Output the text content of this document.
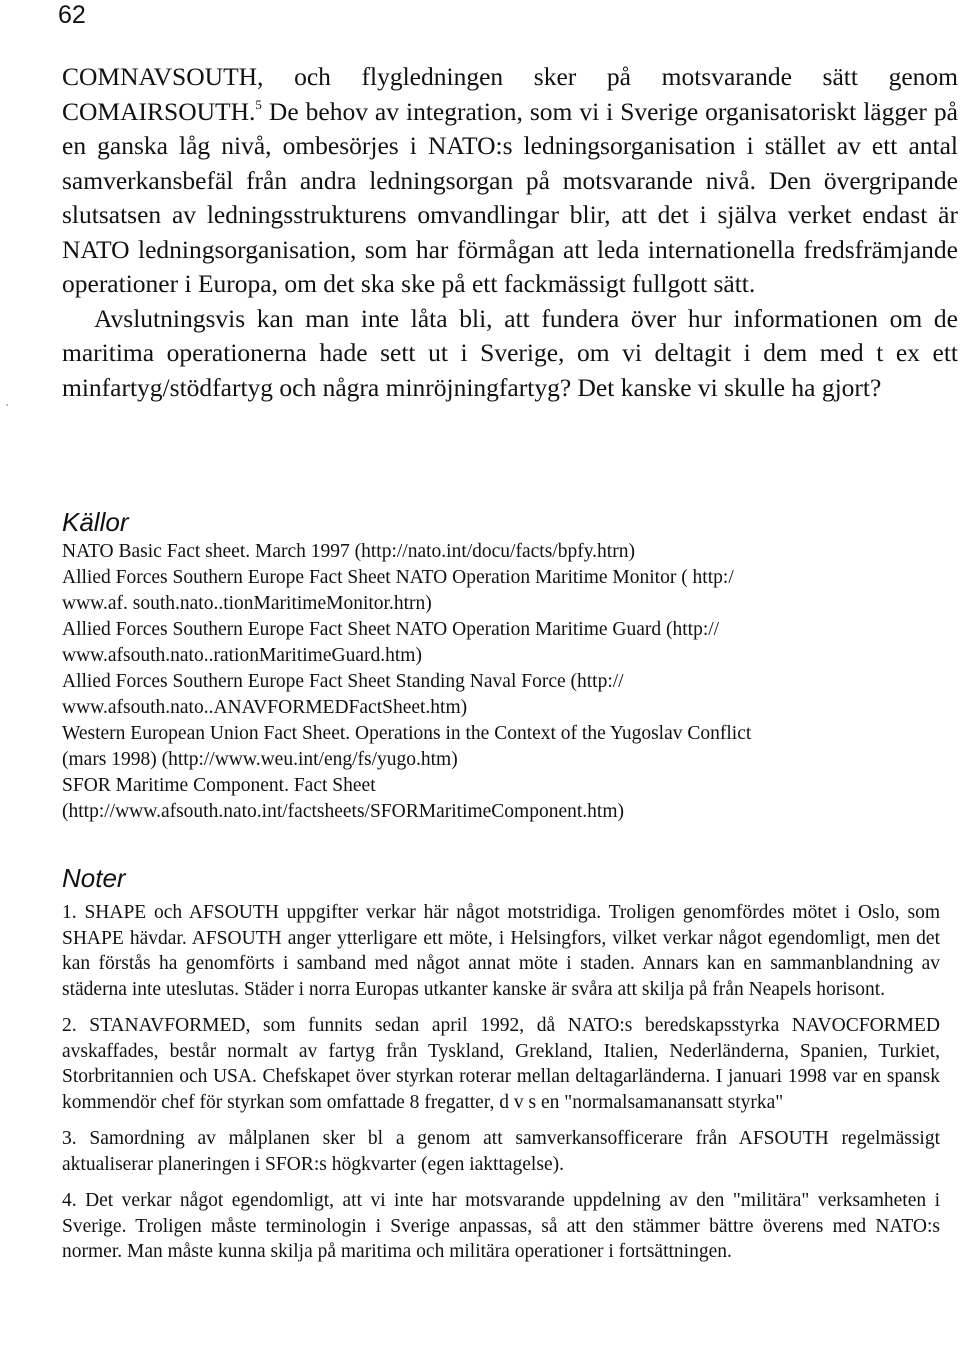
62

COMNAVSOUTH, och flygledningen sker på motsvarande sätt genom COMAIRSOUTH.$^5$ De behov av integration, som vi i Sverige organisatoriskt lägger på en ganska låg nivå, ombesörjes i NATO:s ledningsorganisation i stället av ett antal samverkansbefäl från andra ledningsorgan på motsvarande nivå. Den övergripande slutsatsen av ledningsstrukturens omvandlingar blir, att det i själva verket endast är NATO ledningsorganisation, som har förmågan att leda internationella fredsfrämjande operationer i Europa, om det ska ske på ett fackmässigt fullgott sätt.

Avslutningsvis kan man inte låta bli, att fundera över hur informationen om de maritima operationerna hade sett ut i Sverige, om vi deltagit i dem med t ex ett minfartyg/stödfartyg och några minröjningfartyg? Det kanske vi skulle ha gjort?

Källor
NATO Basic Fact sheet. March 1997 (http://nato.int/docu/facts/bpfy.htrn)
Allied Forces Southern Europe Fact Sheet NATO Operation Maritime Monitor ( http:/
www.af. south.nato..tionMaritimeMonitor.htrn)
Allied Forces Southern Europe Fact Sheet NATO Operation Maritime Guard (http://
www.afsouth.nato..rationMaritimeGuard.htm)
Allied Forces Southern Europe Fact Sheet Standing Naval Force (http://
www.afsouth.nato..ANAVFORMEDFactSheet.htm)
Western European Union Fact Sheet. Operations in the Context of the Yugoslav Conflict
(mars 1998) (http://www.weu.int/eng/fs/yugo.htm)
SFOR Maritime Component. Fact Sheet
(http://www.afsouth.nato.int/factsheets/SFORMaritimeComponent.htm)
Noter

1. SHAPE och AFSOUTH uppgifter verkar här något motstridiga. Troligen genomfördes mötet i Oslo, som SHAPE hävdar. AFSOUTH anger ytterligare ett möte, i Helsingfors, vilket verkar något egendomligt, men det kan förstås ha genomförts i samband med något annat möte i staden. Annars kan en sammanblandning av städerna inte uteslutas. Städer i norra Europas utkanter kanske är svåra att skilja på från Neapels horisont.

2. STANAVFORMED, som funnits sedan april 1992, då NATO:s beredskapsstyrka NAVOCFORMED avskaffades, består normalt av fartyg från Tyskland, Grekland, Italien, Nederländerna, Spanien, Turkiet, Storbritannien och USA. Chefskapet över styrkan roterar mellan deltagarländerna. I januari 1998 var en spansk kommendör chef för styrkan som omfattade 8 fregatter, d v s en "normalsamanansatt styrka"

3. Samordning av målplanen sker bl a genom att samverkansofficerare från AFSOUTH regelmässigt aktualiserar planeringen i SFOR:s högkvarter (egen iakttagelse).

4. Det verkar något egendomligt, att vi inte har motsvarande uppdelning av den "militära" verksamheten i Sverige. Troligen måste terminologin i Sverige anpassas, så att den stämmer bättre överens med NATO:s normer. Man måste kunna skilja på maritima och militära operationer i fortsättningen.
